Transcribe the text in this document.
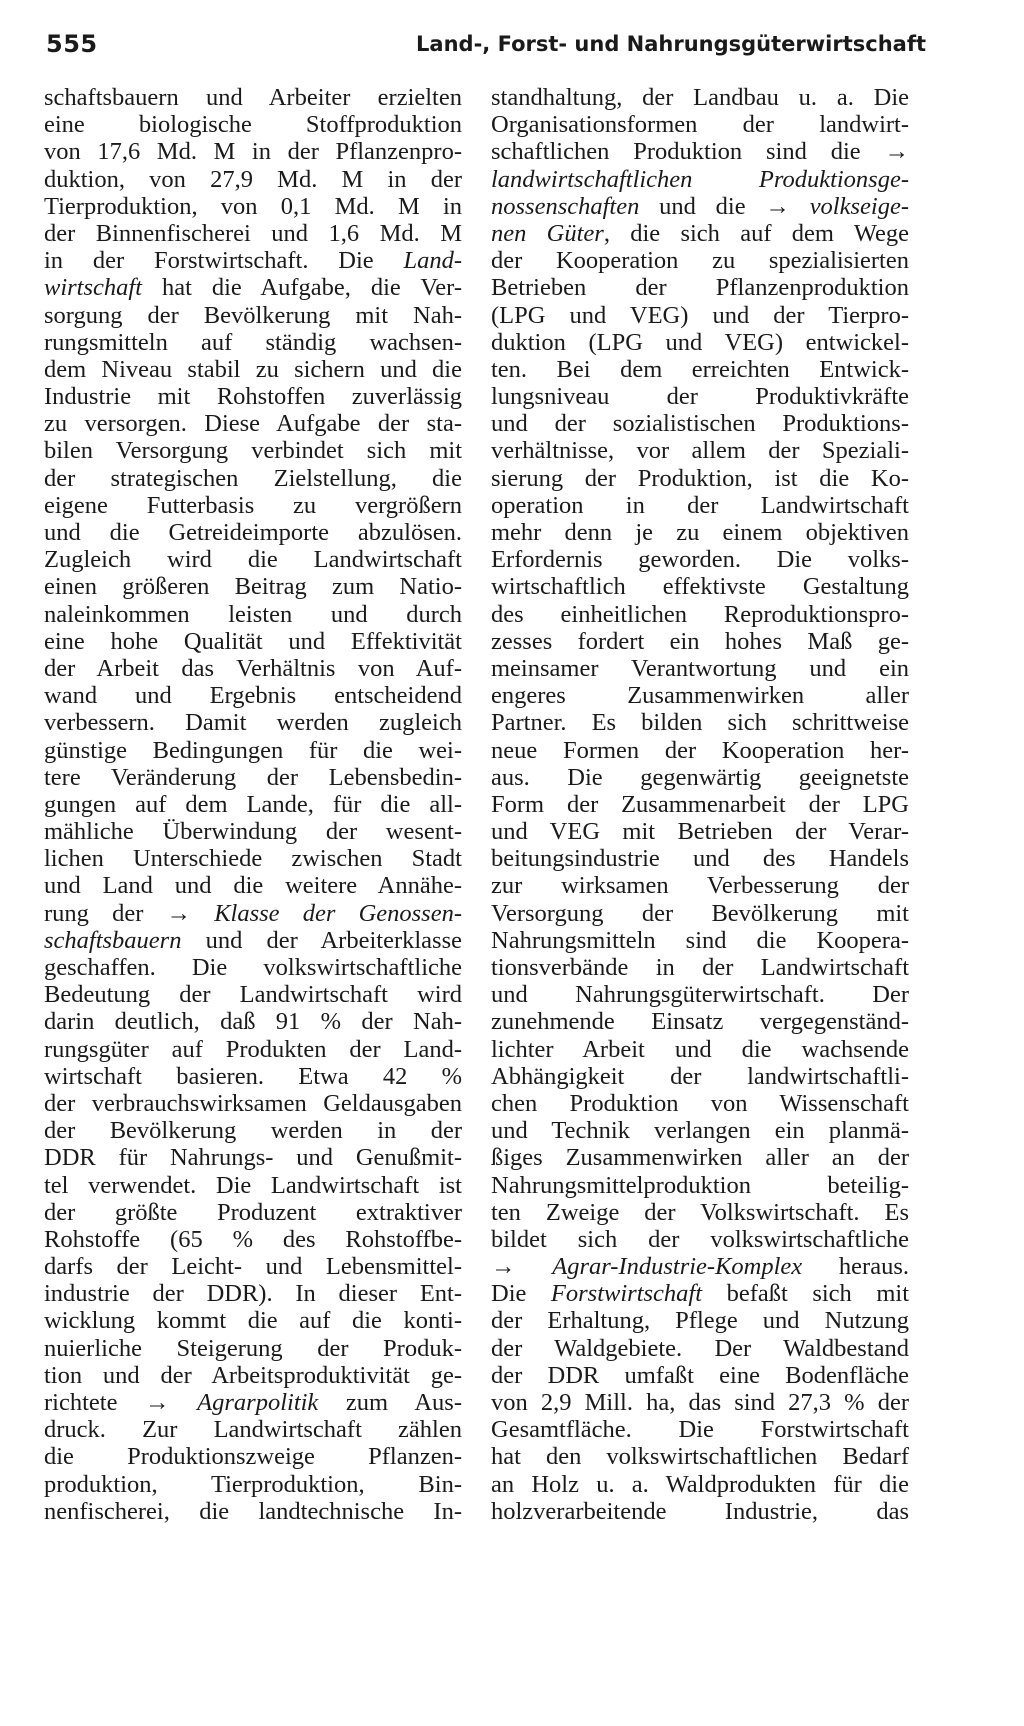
555	Land-, Forst- und Nahrungsgüterwirtschaft
schaftsbauern und Arbeiter erzielten
eine biologische Stoffproduktion
von 17,6 Md. M in der Pflanzenpro-
duktion, von 27,9 Md. M in der
Tierproduktion, von 0,1 Md. M in
der Binnenfischerei und 1,6 Md. M
in der Forstwirtschaft. Die Land-
wirtschaft hat die Aufgabe, die Ver-
sorgung der Bevölkerung mit Nah-
rungsmitteln auf ständig wachsen-
dem Niveau stabil zu sichern und die
Industrie mit Rohstoffen zuverlässig
zu versorgen. Diese Aufgabe der sta-
bilen Versorgung verbindet sich mit
der strategischen Zielstellung, die
eigene Futterbasis zu vergrößern
und die Getreideimporte abzulösen.
Zugleich wird die Landwirtschaft
einen größeren Beitrag zum Natio-
naleinkommen leisten und durch
eine hohe Qualität und Effektivität
der Arbeit das Verhältnis von Auf-
wand und Ergebnis entscheidend
verbessern. Damit werden zugleich
günstige Bedingungen für die wei-
tere Veränderung der Lebensbedin-
gungen auf dem Lande, für die all-
mähliche Überwindung der wesent-
lichen Unterschiede zwischen Stadt
und Land und die weitere Annähe-
rung der → Klasse der Genossen-
schaftsbauern und der Arbeiterklasse
geschaffen. Die volkswirtschaftliche
Bedeutung der Landwirtschaft wird
darin deutlich, daß 91 % der Nah-
rungsgüter auf Produkten der Land-
wirtschaft basieren. Etwa 42 %
der verbrauchswirksamen Geldausgaben
der Bevölkerung werden in der
DDR für Nahrungs- und Genußmit-
tel verwendet. Die Landwirtschaft ist
der größte Produzent extraktiver
Rohstoffe (65 % des Rohstoffbe-
darfs der Leicht- und Lebensmittel-
industrie der DDR). In dieser Ent-
wicklung kommt die auf die konti-
nuierliche Steigerung der Produk-
tion und der Arbeitsproduktivität ge-
richtete → Agrarpolitik zum Aus-
druck. Zur Landwirtschaft zählen
die Produktionszweige Pflanzen-
produktion, Tierproduktion, Bin-
nenfischerei, die landtechnische In-
standhaltung, der Landbau u. a. Die
Organisationsformen der landwirt-
schaftlichen Produktion sind die →
landwirtschaftlichen Produktionsge-
nossenschaften und die → volkseige-
nen Güter, die sich auf dem Wege
der Kooperation zu spezialisierten
Betrieben der Pflanzenproduktion
(LPG und VEG) und der Tierpro-
duktion (LPG und VEG) entwickel-
ten. Bei dem erreichten Entwick-
lungsniveau der Produktivkräfte
und der sozialistischen Produktions-
verhältnisse, vor allem der Speziali-
sierung der Produktion, ist die Ko-
operation in der Landwirtschaft
mehr denn je zu einem objektiven
Erfordernis geworden. Die volks-
wirtschaftlich effektivste Gestaltung
des einheitlichen Reproduktionspro-
zesses fordert ein hohes Maß ge-
meinsamer Verantwortung und ein
engeres Zusammenwirken aller
Partner. Es bilden sich schrittweise
neue Formen der Kooperation her-
aus. Die gegenwärtig geeignetste
Form der Zusammenarbeit der LPG
und VEG mit Betrieben der Verar-
beitungsindustrie und des Handels
zur wirksamen Verbesserung der
Versorgung der Bevölkerung mit
Nahrungsmitteln sind die Koopera-
tionsverbände in der Landwirtschaft
und Nahrungsgüterwirtschaft. Der
zunehmende Einsatz vergegenständ-
lichter Arbeit und die wachsende
Abhängigkeit der landwirtschaftli-
chen Produktion von Wissenschaft
und Technik verlangen ein planmä-
ßiges Zusammenwirken aller an der
Nahrungsmittelproduktion beteilig-
ten Zweige der Volkswirtschaft. Es
bildet sich der volkswirtschaftliche
→ Agrar-Industrie-Komplex heraus.
Die Forstwirtschaft befaßt sich mit
der Erhaltung, Pflege und Nutzung
der Waldgebiete. Der Waldbestand
der DDR umfaßt eine Bodenfläche
von 2,9 Mill. ha, das sind 27,3 % der
Gesamtfläche. Die Forstwirtschaft
hat den volkswirtschaftlichen Bedarf
an Holz u. a. Waldprodukten für die
holzverarbeitende Industrie, das
